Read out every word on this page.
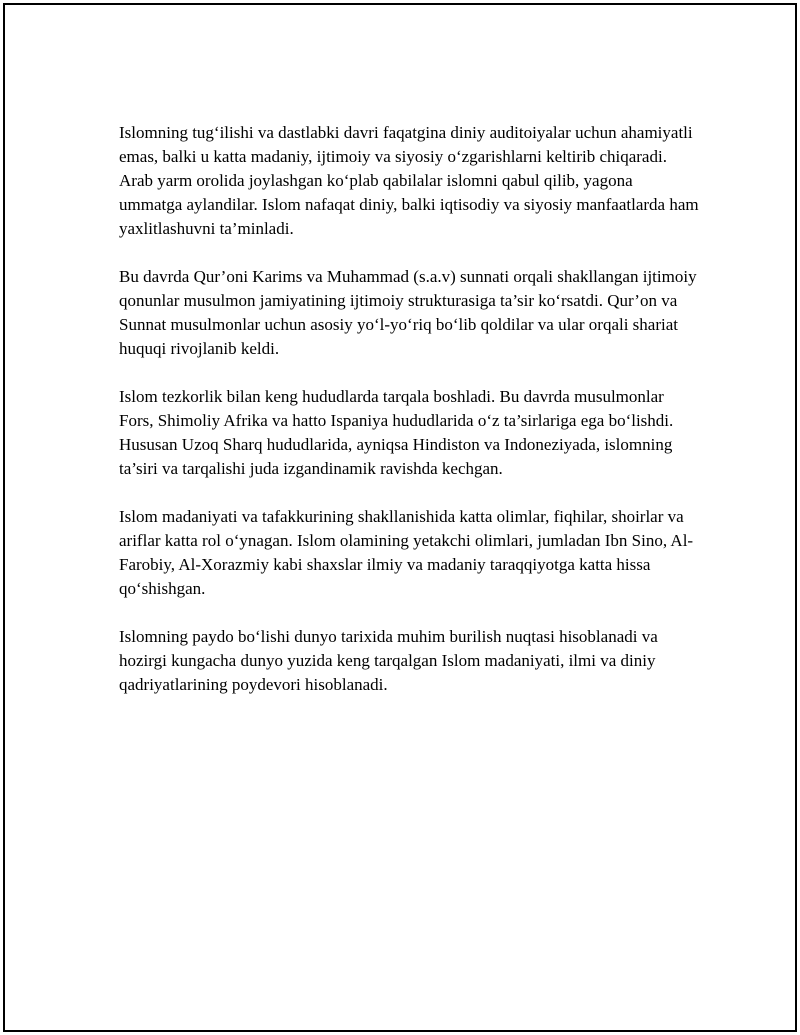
Islomning tug‘ilishi va dastlabki davri faqatgina diniy auditoiyalar uchun ahamiyatli emas, balki u katta madaniy, ijtimoiy va siyosiy o‘zgarishlarni keltirib chiqaradi. Arab yarm orolida joylashgan ko‘plab qabilalar islomni qabul qilib, yagona ummatga aylandilar. Islom nafaqat diniy, balki iqtisodiy va siyosiy manfaatlarda ham yaxlitlashuvni ta’minladi.

Bu davrda Qur’oni Karims va Muhammad (s.a.v) sunnati orqali shakllangan ijtimoiy qonunlar musulmon jamiyatining ijtimoiy strukturasiga ta’sir ko‘rsatdi. Qur’on va Sunnat musulmonlar uchun asosiy yo‘l-yo‘riq bo‘lib qoldilar va ular orqali shariat huquqi rivojlanib keldi.

Islom tezkorlik bilan keng hududlarda tarqala boshladi. Bu davrda musulmonlar Fors, Shimoliy Afrika va hatto Ispaniya hududlarida o‘z ta’sirlariga ega bo‘lishdi. Hususan Uzoq Sharq hududlarida, ayniqsa Hindiston va Indoneziyada, islomning ta’siri va tarqalishi juda izgandinamik ravishda kechgan.

Islom madaniyati va tafakkurining shakllanishida katta olimlar, fiqhilar, shoirlar va ariflar katta rol o‘ynagan. Islom olamining yetakchi olimlari, jumladan Ibn Sino, Al-Farobiy, Al-Xorazmiy kabi shaxslar ilmiy va madaniy taraqqiyotga katta hissa qo‘shishgan.

Islomning paydo bo‘lishi dunyo tarixida muhim burilish nuqtasi hisoblanadi va hozirgi kungacha dunyo yuzida keng tarqalgan Islom madaniyati, ilmi va diniy qadriyatlarining poydevori hisoblanadi.
